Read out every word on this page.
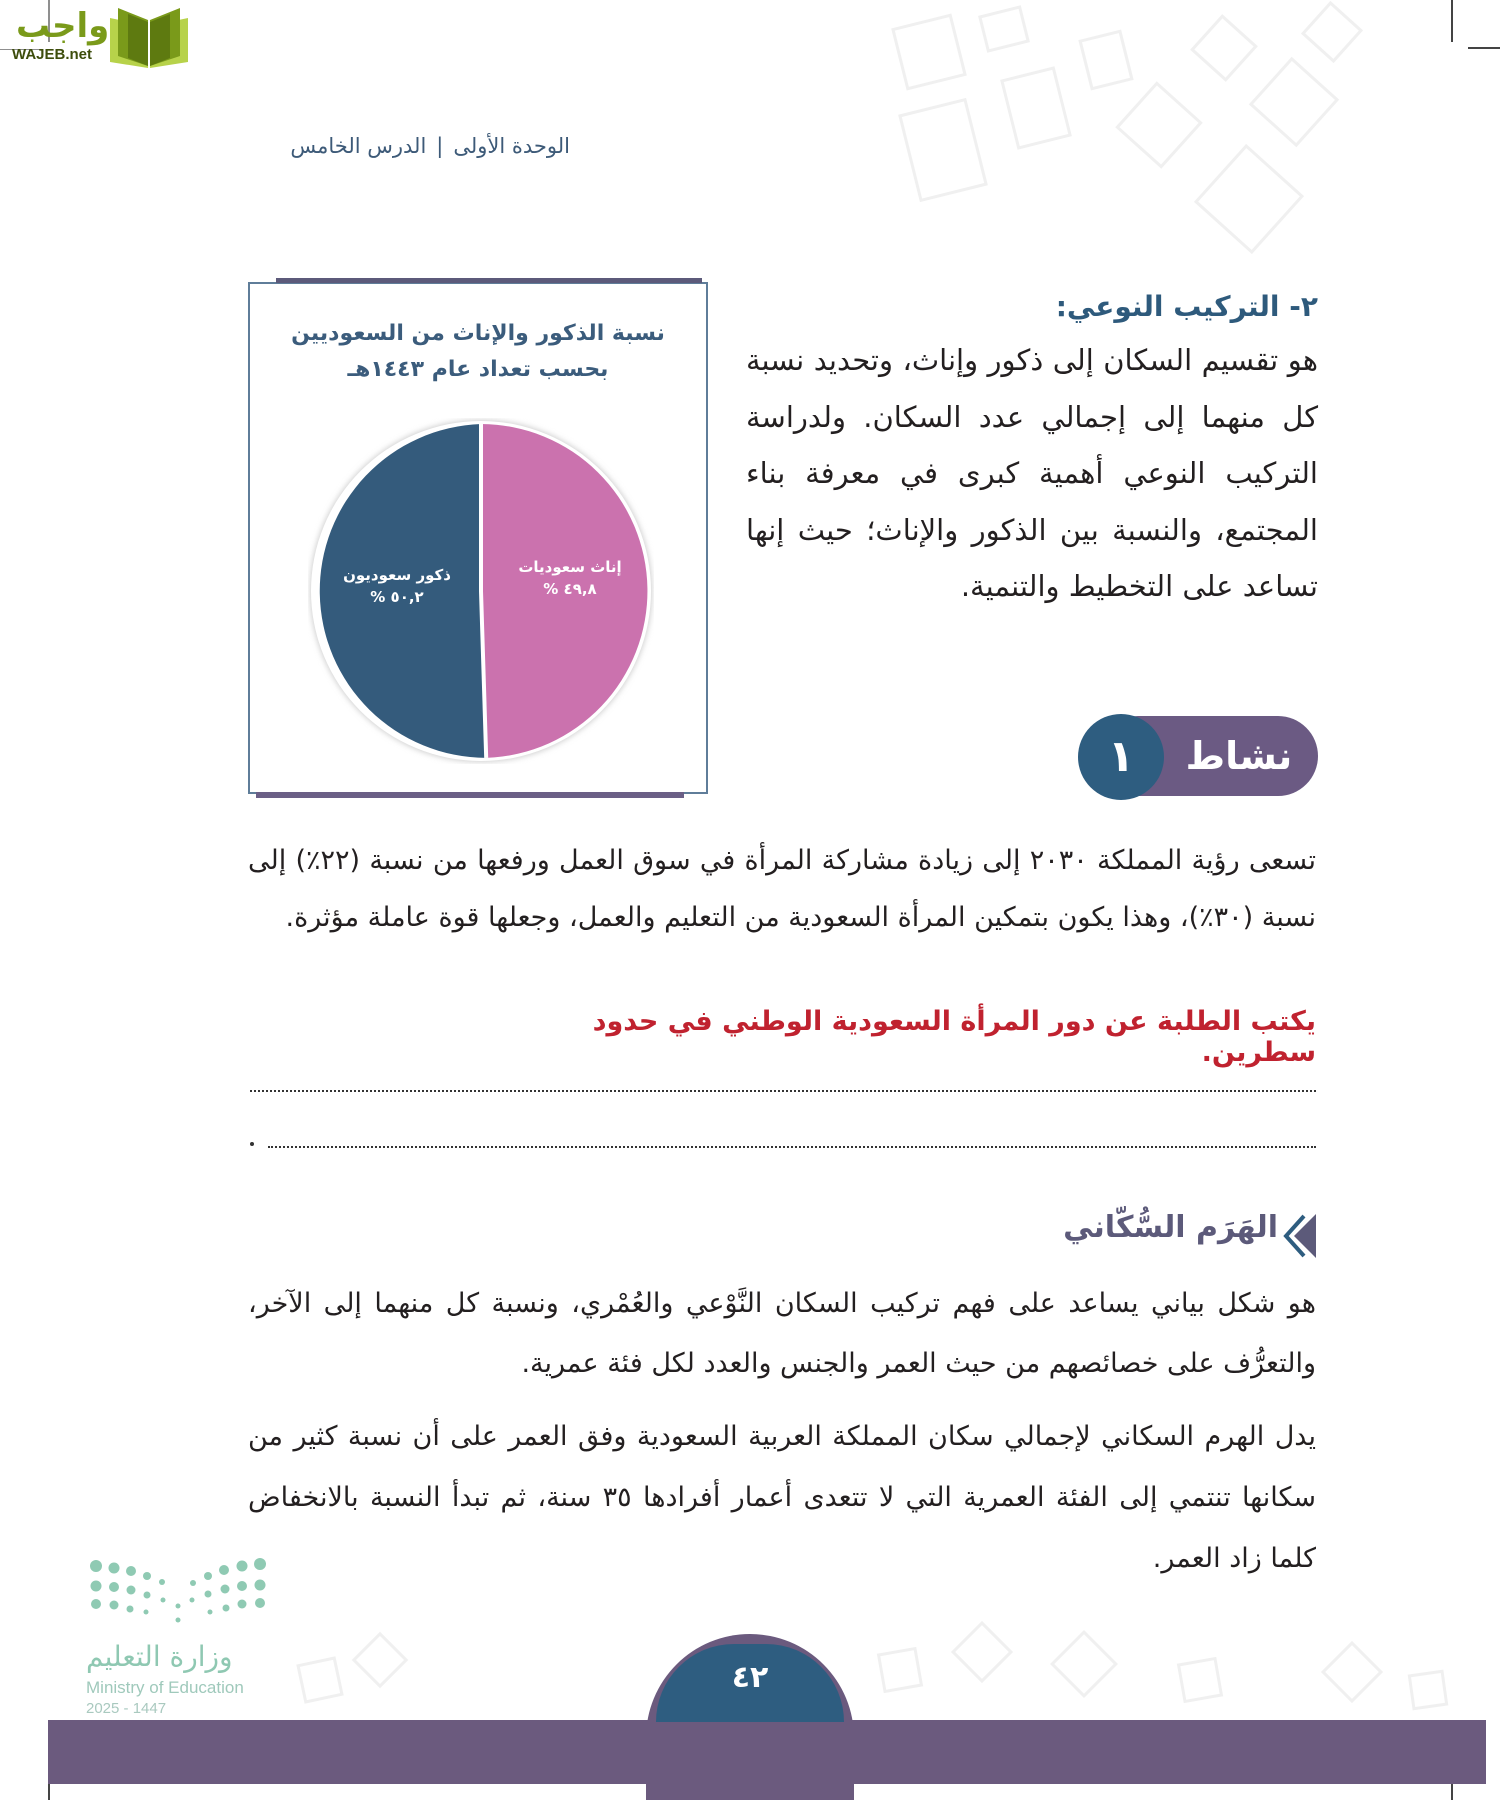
واجب
WAJEB.net
الوحدة الأولى|الدرس الخامس
نسبة الذكور والإناث من السعوديين
بحسب تعداد عام ١٤٤٣هـ
إناث سعوديات
٤٩,٨ %
ذكور سعوديون
٥٠,٢ %
٢- التركيب النوعي:
هو تقسيم السكان إلى ذكور وإناث، وتحديد نسبة كل منهما إلى إجمالي عدد السكان. ولدراسة التركيب النوعي أهمية كبرى في معرفة بناء المجتمع، والنسبة بين الذكور والإناث؛ حيث إنها تساعد على التخطيط والتنمية.
١	نشاط
تسعى رؤية المملكة ٢٠٣٠ إلى زيادة مشاركة المرأة في سوق العمل ورفعها من نسبة (٢٢٪) إلى نسبة (٣٠٪)، وهذا يكون بتمكين المرأة السعودية من التعليم والعمل، وجعلها قوة عاملة مؤثرة.
يكتب الطلبة عن دور المرأة السعودية الوطني في حدود سطرين.
الهَرَم السُّكّاني
هو شكل بياني يساعد على فهم تركيب السكان النَّوْعي والعُمْري، ونسبة كل منهما إلى الآخر، والتعرُّف على خصائصهم من حيث العمر والجنس والعدد لكل فئة عمرية.
يدل الهرم السكاني لإجمالي سكان المملكة العربية السعودية وفق العمر على أن نسبة كثير من سكانها تنتمي إلى الفئة العمرية التي لا تتعدى أعمار أفرادها ٣٥ سنة، ثم تبدأ النسبة بالانخفاض كلما زاد العمر.
وزارة التعليم
Ministry of Education
2025 - 1447
٤٢
